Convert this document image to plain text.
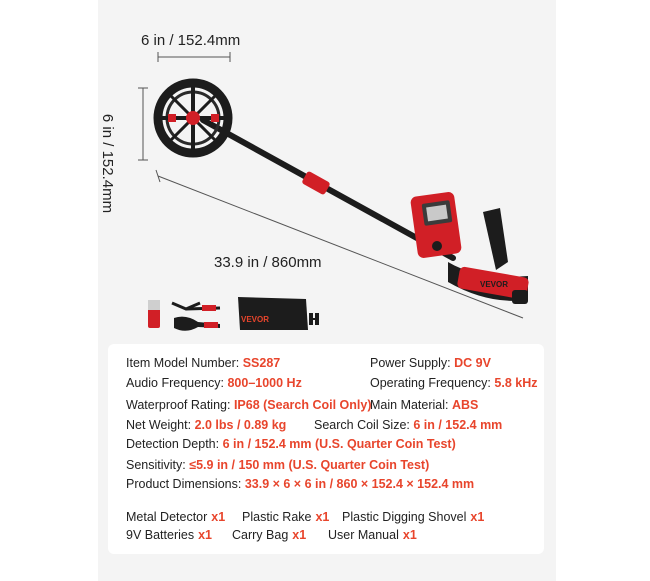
VEVOR
VEVOR
6 in / 152.4mm
6 in / 152.4mm
33.9 in / 860mm
Item Model Number: SS287	Power Supply: DC 9V
Audio Frequency: 800–1000 Hz	Operating Frequency: 5.8 kHz
Waterproof Rating: IP68 (Search Coil Only)
Main Material: ABS
Net Weight: 2.0 lbs / 0.89 kg Search Coil Size: 6 in / 152.4 mm
Detection Depth: 6 in / 152.4 mm (U.S. Quarter Coin Test)
Sensitivity: ≤5.9 in / 150 mm (U.S. Quarter Coin Test)
Product Dimensions: 33.9 × 6 × 6 in / 860 × 152.4 × 152.4 mm
Metal Detector x1 Plastic Rake x1 Plastic Digging Shovel x1
9V Batteries x1 Carry Bag x1 User Manual x1
